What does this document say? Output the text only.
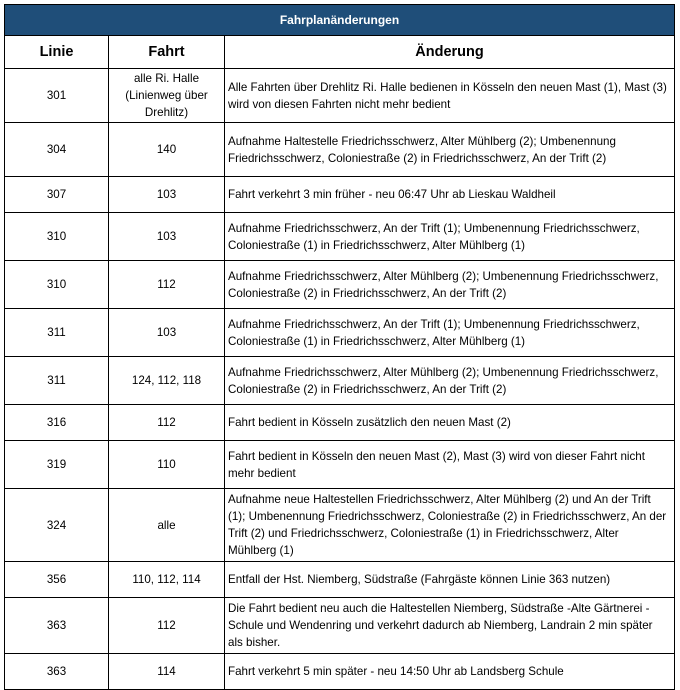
Fahrplanänderungen		
Linie	Fahrt	Änderung
301	alle Ri. Halle (Linienweg über Drehlitz)	Alle Fahrten über Drehlitz Ri. Halle bedienen in Kösseln den neuen Mast (1), Mast (3) wird von diesen Fahrten nicht mehr bedient
304	140	Aufnahme Haltestelle Friedrichsschwerz, Alter Mühlberg (2); Umbenennung Friedrichsschwerz, Coloniestraße (2) in Friedrichsschwerz, An der Trift (2)
307	103	Fahrt verkehrt 3 min früher - neu 06:47 Uhr ab Lieskau Waldheil
310	103	Aufnahme Friedrichsschwerz, An der Trift (1); Umbenennung Friedrichsschwerz, Coloniestraße (1) in Friedrichsschwerz, Alter Mühlberg (1)
310	112	Aufnahme Friedrichsschwerz, Alter Mühlberg (2); Umbenennung Friedrichsschwerz, Coloniestraße (2) in Friedrichsschwerz, An der Trift (2)
311	103	Aufnahme Friedrichsschwerz, An der Trift (1); Umbenennung Friedrichsschwerz, Coloniestraße (1) in Friedrichsschwerz, Alter Mühlberg (1)
311	124, 112, 118	Aufnahme Friedrichsschwerz, Alter Mühlberg (2); Umbenennung Friedrichsschwerz, Coloniestraße (2) in Friedrichsschwerz, An der Trift (2)
316	112	Fahrt bedient in Kösseln zusätzlich den neuen Mast (2)
319	110	Fahrt bedient in Kösseln den neuen Mast (2), Mast (3) wird von dieser Fahrt nicht mehr bedient
324	alle	Aufnahme neue Haltestellen Friedrichsschwerz, Alter Mühlberg (2) und An der Trift (1); Umbenennung Friedrichsschwerz, Coloniestraße (2) in Friedrichsschwerz, An der Trift (2) und Friedrichsschwerz, Coloniestraße (1) in Friedrichsschwerz, Alter Mühlberg (1)
356	110, 112, 114	Entfall der Hst. Niemberg, Südstraße (Fahrgäste können Linie 363 nutzen)
363	112	Die Fahrt bedient neu auch die Haltestellen Niemberg, Südstraße -Alte Gärtnerei - Schule und Wendenring und verkehrt dadurch ab Niemberg, Landrain 2 min später als bisher.
363	114	Fahrt verkehrt 5 min später - neu 14:50 Uhr ab Landsberg Schule
